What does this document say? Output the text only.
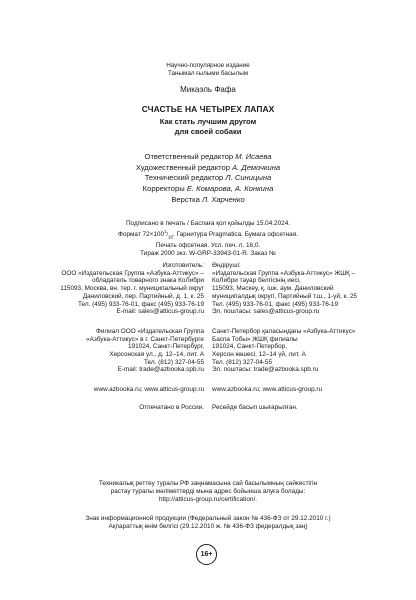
Научно-популярное издание
Танымал ғылыми басылым
Микаэль Фафа
СЧАСТЬЕ НА ЧЕТЫРЕХ ЛАПАХ
Как стать лучшим другом
для своей собаки
Ответственный редактор М. Исаева
Художественный редактор А. Демочкина
Технический редактор Л. Синицына
Корректоры Е. Комарова, А. Конкина
Верстка Л. Харченко
Подписано в печать / Баспаға қол қойылды 15.04.2024.
Формат $72\times 100^1/_{16}$. Гарнитура Pragmatica. Бумага офсетная.
Печать офсетная. Усл. печ. л. 16,0.
Тираж 2000 экз. W-GRP-33943-01-R. Заказ №
Изготовитель:
ООО «Издательская Группа «Азбука-Аттикус» –
обладатель товарного знака КоЛибри
115093, Москва, вн. тер. г. муниципальный округ
Даниловский, пер. Партийный, д. 1, к. 25
Тел. (495) 933-76-01, факс (495) 933-76-19
E-mail: sales@atticus-group.ru
Филиал ООО «Издательская Группа
«Азбука-Аттикус» в г. Санкт-Петербурге
191024, Санкт-Петербург,
Херсонская ул., д. 12–14, лит. А
Тел. (812) 327-04-55
E-mail: trade@azbooka.spb.ru
www.azbooka.ru; www.atticus-group.ru
Отпечатано в России.
Өндіруші:
«Издательская Группа «Азбука-Аттикус» ЖШҚ –
КоЛибри тауар белгісінің иесі,
115093, Мәскеу, қ. ішк. аум. Даниловский
муниципалдық округі, Партийный т.ш., 1-үй, к. 25
Тел. (495) 933-76-01, факс (495) 933-76-19
Эл. поштасы: sales@atticus-group.ru
Санкт-Петербор қаласындағы «Азбука-Аттикус»
Баспа Тобы» ЖШҚ филиалы
191024, Санкт-Петербор,
Херсон көшесі, 12–14 үй, лит. А
Тел. (812) 327-04-55
Эл. поштасы: trade@azbooka.spb.ru
www.azbooka.ru; www.atticus-group.ru
Ресейде басып шығарылған.
Техникалық реттеу туралы РФ заңнамасына сай басылымның сәйкестігін
растау туралы мәліметтерді мына адрес бойынша алуға болады:
http://atticus-group.ru/certification/.
Знак информационной продукции (Федеральный закон № 436-ФЗ от 29.12.2010 г.)
Ақпараттық өнім белгісі (29.12.2010 ж. № 436-ФЗ федералдық заң)
16+
